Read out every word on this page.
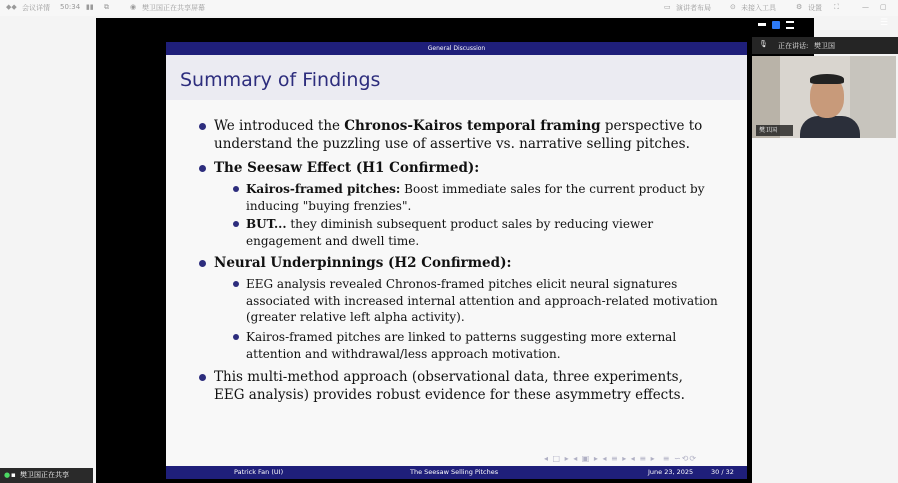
◆◆ 会议详情 50:34 ▮▮ ⧉	◉ 樊卫国正在共享屏幕	▭ 演讲者布局	⊙ 未接入工具	⚙ 设置 ⛶	— ▢
☰
🎙 正在讲话: 樊卫国
樊卫国
General Discussion
Summary of Findings
We introduced the Chronos-Kairos temporal framing perspective to understand the puzzling use of assertive vs. narrative selling pitches.
The Seesaw Effect (H1 Confirmed):
Kairos-framed pitches: Boost immediate sales for the current product by inducing "buying frenzies".
BUT... they diminish subsequent product sales by reducing viewer engagement and dwell time.
Neural Underpinnings (H2 Confirmed):
EEG analysis revealed Chronos-framed pitches elicit neural signatures associated with increased internal attention and approach-related motivation (greater relative left alpha activity).
Kairos-framed pitches are linked to patterns suggesting more external attention and withdrawal/less approach motivation.
This multi-method approach (observational data, three experiments, EEG analysis) provides robust evidence for these asymmetry effects.
◂ □ ▸ ◂ ▣ ▸ ◂ ≡ ▸ ◂ ≡ ▸  ≡ ∽⟲⟳
Patrick Fan (UI)	The Seesaw Selling Pitches	June 23, 2025	30 / 32
● ▪ 樊卫国正在共享
